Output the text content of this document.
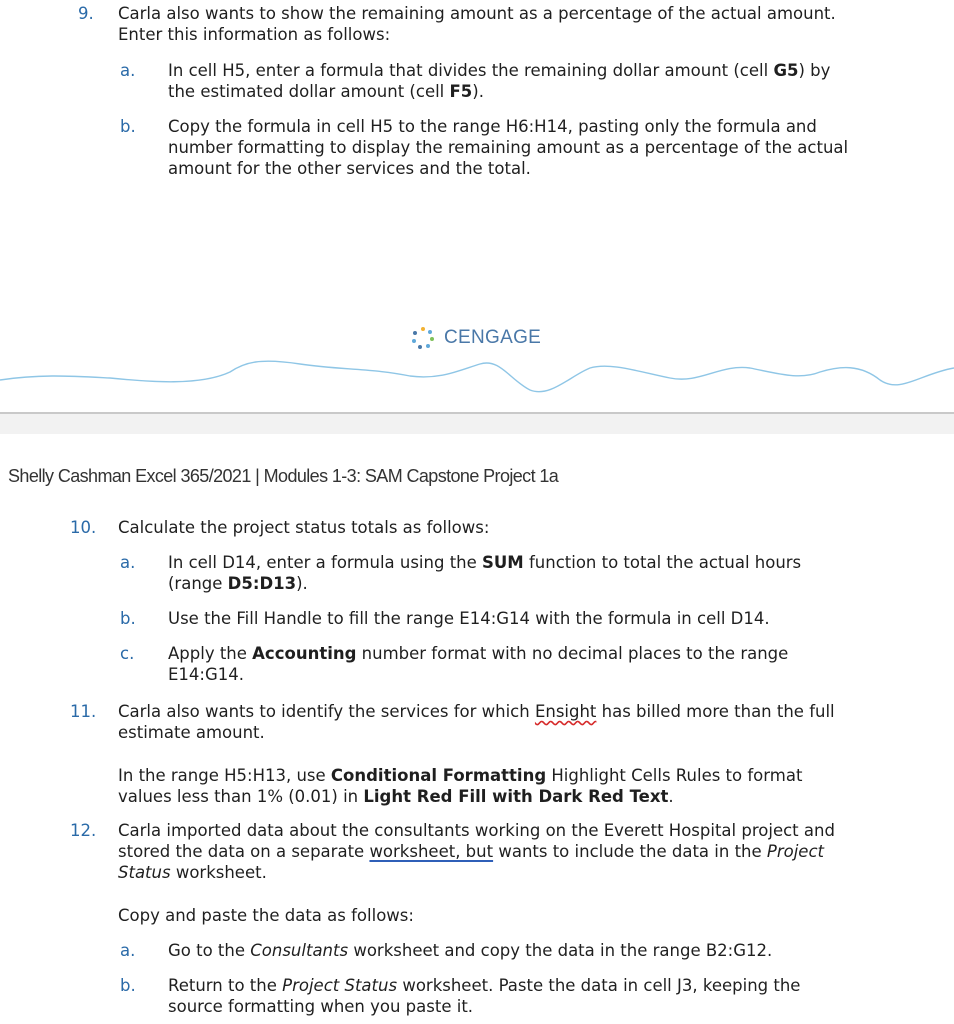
9. Carla also wants to show the remaining amount as a percentage of the actual amount.
Enter this information as follows:
a. In cell H5, enter a formula that divides the remaining dollar amount (cell G5) by
the estimated dollar amount (cell F5).
b. Copy the formula in cell H5 to the range H6:H14, pasting only the formula and
number formatting to display the remaining amount as a percentage of the actual
amount for the other services and the total.
CENGAGE
Shelly Cashman Excel 365/2021 | Modules 1-3: SAM Capstone Project 1a
10. Calculate the project status totals as follows:
a. In cell D14, enter a formula using the SUM function to total the actual hours
(range D5:D13).
b. Use the Fill Handle to fill the range E14:G14 with the formula in cell D14.
c. Apply the Accounting number format with no decimal places to the range
E14:G14.
11. Carla also wants to identify the services for which Ensight has billed more than the full
estimate amount.
In the range H5:H13, use Conditional Formatting Highlight Cells Rules to format
values less than 1% (0.01) in Light Red Fill with Dark Red Text.
12. Carla imported data about the consultants working on the Everett Hospital project and
stored the data on a separate worksheet, but wants to include the data in the Project
Status worksheet.
Copy and paste the data as follows:
a. Go to the Consultants worksheet and copy the data in the range B2:G12.
b. Return to the Project Status worksheet. Paste the data in cell J3, keeping the
source formatting when you paste it.
